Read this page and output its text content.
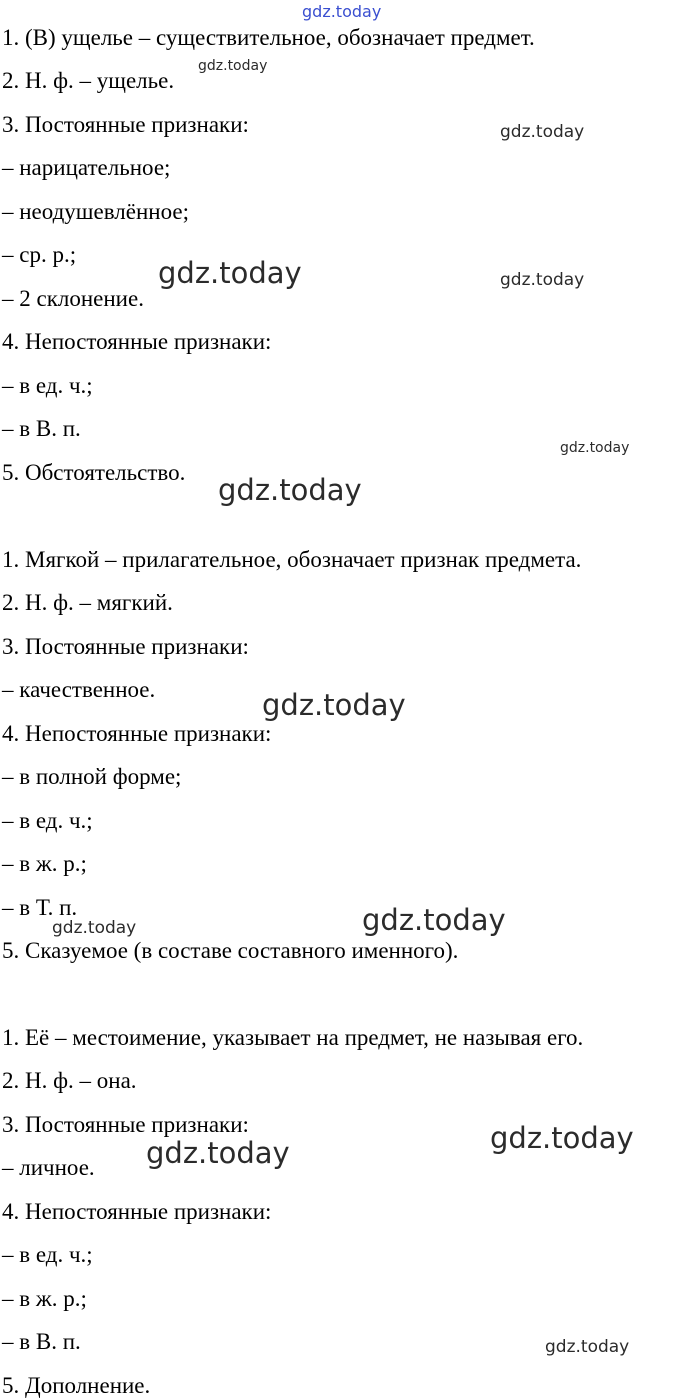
1. (В) ущелье – существительное, обозначает предмет.
2. Н. ф. – ущелье.
3. Постоянные признаки:
– нарицательное;
– неодушевлённое;
– ср. р.;
– 2 склонение.
4. Непостоянные признаки:
– в ед. ч.;
– в В. п.
5. Обстоятельство.
1. Мягкой – прилагательное, обозначает признак предмета.
2. Н. ф. – мягкий.
3. Постоянные признаки:
– качественное.
4. Непостоянные признаки:
– в полной форме;
– в ед. ч.;
– в ж. р.;
– в Т. п.
5. Сказуемое (в составе составного именного).
1. Её – местоимение, указывает на предмет, не называя его.
2. Н. ф. – она.
3. Постоянные признаки:
– личное.
4. Непостоянные признаки:
– в ед. ч.;
– в ж. р.;
– в В. п.
5. Дополнение.
gdz.today
gdz.today
gdz.today
gdz.today	gdz.today
gdz.today
gdz.today
gdz.today
gdz.today
gdz.today
gdz.today
gdz.today
gdz.today
